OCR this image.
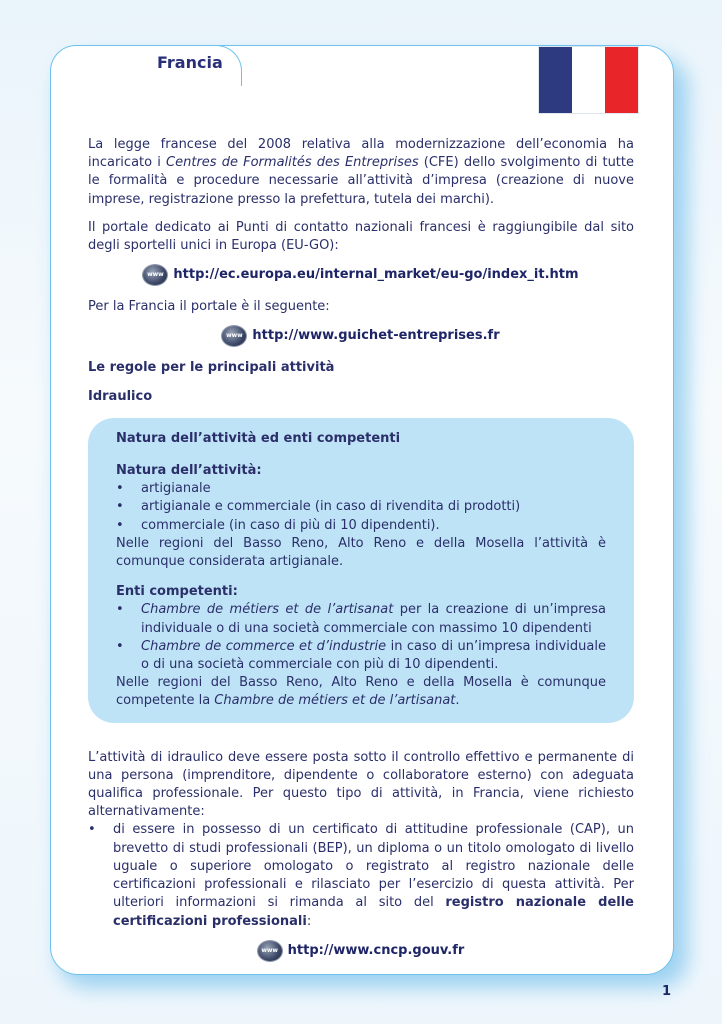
Francia

La legge francese del 2008 relativa alla modernizzazione dell’economia ha incaricato i Centres de Formalités des Entreprises (CFE) dello svolgimento di tutte le formalità e procedure necessarie all’attività d’impresa (creazione di nuove imprese, registrazione presso la prefettura, tutela dei marchi).

Il portale dedicato ai Punti di contatto nazionali francesi è raggiungibile dal sito degli sportelli unici in Europa (EU-GO):

www http://ec.europa.eu/internal_market/eu-go/index_it.htm

Per la Francia il portale è il seguente:

www http://www.guichet-entreprises.fr

Le regole per le principali attività

Idraulico

Natura dell’attività ed enti competenti

Natura dell’attività:

• artigianale
• artigianale e commerciale (in caso di rivendita di prodotti)
• commerciale (in caso di più di 10 dipendenti).

Nelle regioni del Basso Reno, Alto Reno e della Mosella l’attività è comunque considerata artigianale.

Enti competenti:

• Chambre de métiers et de l’artisanat per la creazione di un’impresa individuale o di una società commerciale con massimo 10 dipendenti
• Chambre de commerce et d’industrie in caso di un’impresa individuale o di una società commerciale con più di 10 dipendenti.

Nelle regioni del Basso Reno, Alto Reno e della Mosella è comunque competente la Chambre de métiers et de l’artisanat.

L’attività di idraulico deve essere posta sotto il controllo effettivo e permanente di una persona (imprenditore, dipendente o collaboratore esterno) con adeguata qualifica professionale. Per questo tipo di attività, in Francia, viene richiesto alternativamente:

• di essere in possesso di un certificato di attitudine professionale (CAP), un brevetto di studi professionali (BEP), un diploma o un titolo omologato di livello uguale o superiore omologato o registrato al registro nazionale delle certificazioni professionali e rilasciato per l’esercizio di questa attività. Per ulteriori informazioni si rimanda al sito del registro nazionale delle certificazioni professionali:
www http://www.cncp.gouv.fr
1
